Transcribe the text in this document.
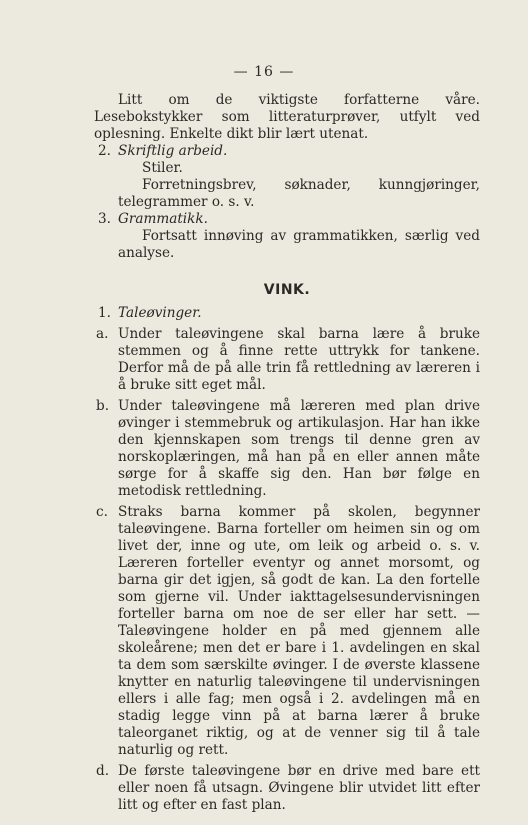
— 16 —

Litt om de viktigste forfatterne våre. Lesebokstykker som litteraturprøver, utfylt ved oplesning. Enkelte dikt blir lært utenat.

2. Skriftlig arbeid.

Stiler.

Forretningsbrev, søknader, kunngjøringer, telegrammer o. s. v.

3. Grammatikk.

Fortsatt innøving av grammatikken, særlig ved analyse.

VINK.
1. Taleøvinger.

a. Under taleøvingene skal barna lære å bruke stemmen og å finne rette uttrykk for tankene. Derfor må de på alle trin få rettledning av læreren i å bruke sitt eget mål.

b. Under taleøvingene må læreren med plan drive øvinger i stemmebruk og artikulasjon. Har han ikke den kjennskapen som trengs til denne gren av norskoplæringen, må han på en eller annen måte sørge for å skaffe sig den. Han bør følge en metodisk rettledning.

c. Straks barna kommer på skolen, begynner taleøvingene. Barna forteller om heimen sin og om livet der, inne og ute, om leik og arbeid o. s. v. Læreren forteller eventyr og annet morsomt, og barna gir det igjen, så godt de kan. La den fortelle som gjerne vil. Under iakttagelsesundervisningen forteller barna om noe de ser eller har sett. — Taleøvingene holder en på med gjennem alle skoleårene; men det er bare i 1. avdelingen en skal ta dem som særskilte øvinger. I de øverste klassene knytter en naturlig taleøvingene til undervisningen ellers i alle fag; men også i 2. avdelingen må en stadig legge vinn på at barna lærer å bruke taleorganet riktig, og at de venner sig til å tale naturlig og rett.

d. De første taleøvingene bør en drive med bare ett eller noen få utsagn. Øvingene blir utvidet litt efter litt og efter en fast plan.
